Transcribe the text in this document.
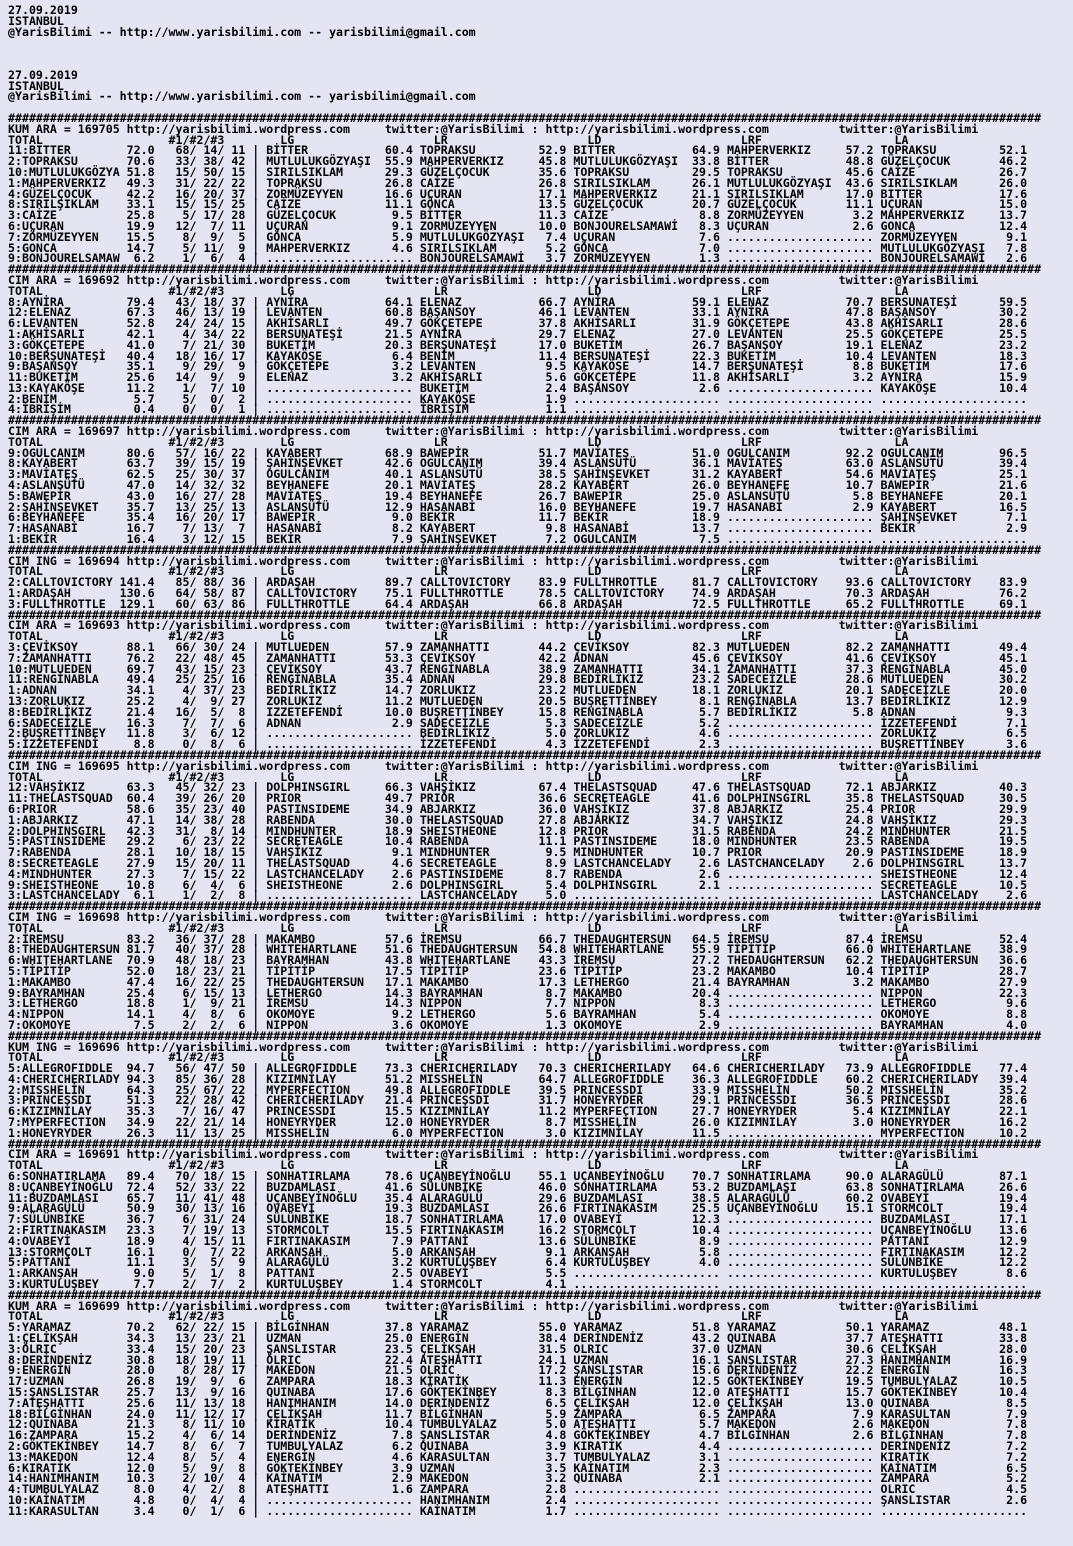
27.09.2019
ISTANBUL
@YarisBilimi -- http://www.yarisbilimi.com -- yarisbilimi@gmail.com
27.09.2019
ISTANBUL
@YarisBilimi -- http://www.yarisbilimi.com -- yarisbilimi@gmail.com
####################################################################################################################################################
KUM ARA = 169705 http://yarisbilimi.wordpress.com     twitter:@YarisBilimi : http://yarisbilimi.wordpress.com          twitter:@YarisBilimi
TOTAL                  #1/#2/#3        LG                    LR                    LD                    LRF                   LA
11:BITTER        72.0   68/ 14/ 11 | BİTTER           60.4 TOPRAKSU         52.9 BITTER           64.9 MAHPERVERKIZ     57.2 TOPRAKSU         52.1
2:TOPRAKSU       70.6   33/ 38/ 42 | MUTLULUKGÖZYAŞI  55.9 MAHPERVERKIZ     45.8 MUTLULUKGÖZYAŞI  33.8 BİTTER           48.8 GÜZELÇOCUK       46.2
10:MUTLULUKGÖZYA 51.8   15/ 50/ 15 | SIRILSIKLAM      29.3 GÜZELÇOCUK       35.6 TOPRAKSU         29.5 TOPRAKSU         45.6 CAİZE            26.7
1:MAHPERVERKIZ   49.3   31/ 22/ 22 | TOPRAKSU         26.8 CAİZE            26.8 SIRILSIKLAM      26.1 MUTLULUKGÖZYAŞI  43.6 SIRILSIKLAM      26.0
4:GÜZELÇOCUK     42.2   16/ 20/ 37 | ZORMÜZEYYEN      16.6 UÇURAN           17.1 MAHPERVERKIZ     21.1 SIRILSIKLAM      17.0 BITTER           17.6
8:SIRILŞIKLAM    33.1   15/ 15/ 25 | CAİZE            11.1 GÖNCA            13.5 GÜZELÇOCUK       20.7 GÜZELÇOCUK       11.1 UÇURAN           15.0
3:CAİZE          25.8    5/ 17/ 28 | GÜZELÇOCUK        9.5 BİTTER           11.3 CAİZE             8.8 ZORMÜZEYYEN       3.2 MAHPERVERKIZ     13.7
6:UÇURAN         19.9   12/  7/ 11 | UÇURAN            9.1 ZORMÜZEYYEN      10.0 BONJOURELSAMAWİ   8.3 UÇURAN            2.6 GONCA            12.4
7:ZÖRMÜZEYYEN    15.5    8/  9/  5 | GÖNCA             5.9 MUTLULUKGÖZYAŞI   7.4 UÇURAN            7.6 ..................... ZORMÜZEYYEN       9.1
5:GONCA          14.7    5/ 11/  9 | MAHPERVERKIZ      4.6 SIRILSIKLAM       5.2 GÖNCA             7.0 ..................... MUTLULUKGÖZYAŞI   7.8
9:BONJOURELSAMAW  6.2    1/  6/  4 | ..................... BONJOURELSAMAWİ   3.7 ZORMÜZEYYEN       1.3 ..................... BONJOURELSAMAWİ   2.6
####################################################################################################################################################
CIM ARA = 169692 http://yarisbilimi.wordpress.com     twitter:@YarisBilimi : http://yarisbilimi.wordpress.com          twitter:@YarisBilimi
TOTAL                  #1/#2/#3        LG                    LR                    LD                    LRF                   LA
8:AYNİRA         79.4   43/ 18/ 37 | AYNİRA           64.1 ELENAZ           66.7 AYNİRA           59.1 ELENAZ           70.7 BERSUNATEŞİ      59.5
12:ELENAZ        67.3   46/ 13/ 19 | LEVANTEN         60.8 BAŞANSOY         46.1 LEVANTEN         33.1 AYNİRA           47.8 BAŞANSOY         30.2
6:LEVANTEN       52.8   24/ 24/ 15 | AKHİSARLI        49.7 GÖKÇETEPE        37.8 AKHİSARLI        31.9 GÖKÇETEPE        43.8 AKHİSARLI        28.6
1:AKHİSARLI      42.1    4/ 34/ 22 | BERSUNATEŞİ      21.5 AYNİRA           29.7 ELENAZ           27.0 LEVANTEN         25.5 GÖKÇETEPE        25.5
3:GÖKÇETEPE      41.0    7/ 21/ 30 | BUKETİM          20.3 BERŞUNATEŞİ      17.0 BUKETİM          26.7 BAŞANSOY         19.1 ELENAZ           23.2
10:BERŞUNATEŞİ   40.4   18/ 16/ 17 | KAYAKÖŞE          6.4 BENİM            11.4 BERSUNATEŞİ      22.3 BUKETİM          10.4 LEVANTEN         18.3
9:BAŞANSOY       35.1    9/ 29/  9 | GÖKÇETEPE         3.2 LEVANTEN          9.5 KAYAKÖŞE         14.7 BERŞUNATEŞİ       8.8 BUKETİM          17.6
11:BUKETİM       25.6   14/  9/  9 | ELENAZ            3.2 AKHİSARLI         5.6 GÖKÇETEPE        11.8 AKHİSARLI         3.2 AYNİRA           15.9
13:KAYAKÖŞE      11.2    1/  7/ 10 | ..................... BUKETİM           2.4 BAŞANSOY          2.6 ..................... KAYAKÖŞE         10.4
2:BENİM           5.7    5/  0/  2 | ..................... KAYAKÖŞE          1.9 ..................... ..................... .....................
4:İBRİŞİM         0.4    0/  0/  1 | ..................... İBRİŞİM           1.1 ..................... ..................... .....................
####################################################################################################################################################
CIM ARA = 169697 http://yarisbilimi.wordpress.com     twitter:@YarisBilimi : http://yarisbilimi.wordpress.com          twitter:@YarisBilimi
TOTAL                  #1/#2/#3        LG                    LR                    LD                    LRF                   LA
9:OGULCANIM      80.6   57/ 16/ 22 | KAYABERT         68.9 BAWEPİR          51.7 MAVİATEŞ         51.0 OGULCANIM        92.2 OGULCANIM        96.5
8:KAYABERT       63.7   39/ 15/ 19 | ŞAHİNŞEVKET      42.6 OGULCANIM        39.4 ASLANSÜTÜ        36.1 MAVİATEŞ         63.0 ASLANSÜTÜ        39.4
3:MAVİATEŞ       62.5   25/ 30/ 37 | OGULCANIM        40.1 ASLANSÜTÜ        38.5 ŞAHİNŞEVKET      31.2 KAYABERT         54.6 MAVİATEŞ         25.1
4:ASLANSÜTÜ      47.0   14/ 32/ 32 | BEYHANEFE        20.1 MAVİATEŞ         28.2 KAYABERT         26.0 BEYHANEFE        10.7 BAWEPİR          21.6
5:BAWEPİR        43.0   16/ 27/ 28 | MAVİATEŞ         19.4 BEYHANEFE        26.7 BAWEPİR          25.0 ASLANSÜTÜ         5.8 BEYHANEFE        20.1
2:ŞAHİNŞEVKET    35.7   13/ 25/ 13 | ASLANSÜTÜ        12.9 HASANABİ         16.0 BEYHANEFE        19.7 HASANABİ          2.9 KAYABERT         16.5
6:BEYHANEFE      35.4   16/ 20/ 17 | BAWEPİR           9.0 BEKİR            11.7 BEKİR            18.9 ..................... ŞAHİNŞEVKET       7.1
7:HASANABİ       16.7    7/ 13/  7 | HASANABİ          8.2 KAYABERT          9.8 HASANABİ         13.7 ..................... BEKİR             2.9
1:BEKİR          16.4    3/ 12/ 15 | BEKİR             7.9 ŞAHİNŞEVKET       7.2 OGULCANIM         7.5 ..................... .....................
####################################################################################################################################################
CIM ING = 169694 http://yarisbilimi.wordpress.com     twitter:@YarisBilimi : http://yarisbilimi.wordpress.com          twitter:@YarisBilimi
TOTAL                  #1/#2/#3        LG                    LR                    LD                    LRF                   LA
2:CALLTOVICTORY 141.4   85/ 88/ 36 | ARDAŞAH          89.7 CALLTOVICTORY    83.9 FULLTHROTTLE     81.7 CALLTOVICTORY    93.6 CALLTOVICTORY    83.9
1:ARDAŞAH       130.6   64/ 58/ 87 | CALLTOVICTORY    75.1 FULLTHROTTLE     78.5 CALLTOVICTORY    74.9 ARDAŞAH          70.3 ARDAŞAH          76.2
3:FULLTHROTTLE  129.1   60/ 63/ 86 | FULLTHROTTLE     64.4 ARDAŞAH          66.8 ARDAŞAH          72.5 FULLTHROTTLE     65.2 FULLTHROTTLE     69.1
####################################################################################################################################################
CIM ARA = 169693 http://yarisbilimi.wordpress.com     twitter:@YarisBilimi : http://yarisbilimi.wordpress.com          twitter:@YarisBilimi
TOTAL                  #1/#2/#3        LG                    LR                    LD                    LRF                   LA
3:ÇEVİKSOY       88.1   66/ 30/ 24 | MUTLUEDEN        57.9 ZAMANHATTI       44.2 ÇEVİKSOY         82.3 MUTLUEDEN        82.2 ZAMANHATTI       49.4
7:ZAMANHATTI     76.2   22/ 48/ 45 | ZAMANHATTI       53.3 ÇEVİKSOY         42.2 ADNAN            45.6 ÇEVİKSOY         41.6 ÇEVİKSOY         45.1
10:MUTLUEDEN     69.7   43/ 15/ 23 | ÇEVİKSOY         43.7 RENGİNABLA       38.9 ZAMANHATTI       34.1 ZAMANHATTI       37.3 RENGİNABLA       45.0
11:RENGİNABLA    49.4   25/ 25/ 16 | RENGİNABLA       35.4 ADNAN            29.8 BEDİRLİKIZ       23.2 SADECEİZLE       28.6 MUTLUEDEN        30.2
1:ADNAN          34.1    4/ 37/ 23 | BEDİRLİKIZ       14.7 ZORLUKIZ         23.2 MUTLUEDEN        18.1 ZORLUKIZ         20.1 SADECEİZLE       20.0
13:ZORLUKIZ      25.2    4/  9/ 27 | ZORLUKIZ         11.2 MUTLUEDEN        20.5 BUŞRETTİNBEY      8.1 RENGİNABLA       13.7 BEDİRLİKIZ       12.9
8:BEDİRLİKIZ     21.4   16/  5/  8 | IZZETEFENDİ      10.0 BUŞRETTİNBEY     15.8 RENGİNABLA        5.7 BEDİRLİKIZ        5.8 ADNAN             9.3
6:SADECEİZLE     16.3    7/  7/  6 | ADNAN             2.9 SADECEİZLE        5.3 SADECEİZLE        5.2 ..................... İZZETEFENDİ       7.1
2:BUŞRETTİNBEY   11.8    3/  6/ 12 | ..................... BEDİRLİKIZ        5.0 ZORLUKIZ          4.6 ..................... ZORLUKIZ          6.5
5:İZZETEFENDİ     8.8    0/  8/  6 | ..................... İZZETEFENDİ       4.3 İZZETEFENDİ       2.3 ..................... BUŞRETTİNBEY      3.6
####################################################################################################################################################
CIM ING = 169695 http://yarisbilimi.wordpress.com     twitter:@YarisBilimi : http://yarisbilimi.wordpress.com          twitter:@YarisBilimi
TOTAL                  #1/#2/#3        LG                    LR                    LD                    LRF                   LA
12:VAHŞİKIZ      63.3   45/ 32/ 23 | DOLPHINSGIRL     66.3 VAHŞİKIZ         67.4 THELASTSQUAD     47.6 THELASTSQUAD     72.1 ABJARKIZ         40.3
11:THELASTSQUAD  60.4   39/ 26/ 20 | PRIOR            49.7 PRIÖR            36.6 SECRETEAGLE      41.6 DOLPHINSGIRL     35.8 THELASTSQUAD     30.5
6:PRIOR          58.6   35/ 23/ 40 | PASTINSIDEME     34.9 ABJARKIZ         36.0 VAHŞİKIZ         37.8 ABJARKIZ         25.4 PRIOR            29.9
1:ABJARKIZ       47.1   14/ 38/ 28 | RABENDA          30.0 THELASTSQUAD     27.8 ABJARKIZ         34.7 VAHŞİKIZ         24.8 VAHŞİKIZ         29.3
2:DOLPHINSGIRL   42.3   31/  8/ 14 | MINDHUNTER       18.9 SHEISTHEONE      12.8 PRIOR            31.5 RABENDA          24.2 MINDHUNTER       21.5
5:PASTINSIDEME   29.2    6/ 23/ 22 | SECRETEAGLE      10.4 RABENDA          11.1 PASTINSIDEME     18.0 MINDHUNTER       23.5 RABENDA          19.5
7:RABENDA        28.1   10/ 18/ 15 | VAHŞİKIZ          9.1 MINDHUNTER        9.5 MINDHUNTER       10.7 PRIOR            20.9 PASTINSIDEME     18.9
8:SECRETEAGLE    27.9   15/ 20/ 11 | THELASTSQUAD      4.6 SECRETEAGLE       8.9 LASTCHANCELADY    2.6 LASTCHANCELADY    2.6 DOLPHINSGIRL     13.7
4:MINDHUNTER     27.3    7/ 15/ 22 | LASTCHANCELADY    2.6 PASTINSIDEME      8.7 RABENDA           2.6 ..................... SHEISTHEONE      12.4
9:SHEISTHEONE    10.8    6/  4/  6 | SHEISTHEONE       2.6 DOLPHINSGIRL      5.4 DOLPHINSGIRL      2.1 ..................... SECRETEAGLE      10.5
3:LASTCHANCELADY  6.1    1/  2/  8 | ..................... LASTCHANCELADY    5.0 ..................... ..................... LASTCHANCELADY    2.6
####################################################################################################################################################
CIM ING = 169698 http://yarisbilimi.wordpress.com     twitter:@YarisBilimi : http://yarisbilimi.wordpress.com          twitter:@YarisBilimi
TOTAL                  #1/#2/#3        LG                    LR                    LD                    LRF                   LA
2:İREMSU         83.2   36/ 37/ 28 | MAKAMBO          57.6 İREMSU           66.7 THEDAUGHTERSUN   64.5 İREMSU           87.4 İREMSU           52.4
8:THEDAUGHTERSUN 81.7   40/ 37/ 28 | WHITEHARTLANE    51.6 THEDAUGHTERSUN   54.8 WHITEHARTLANE    55.9 TİPİTİP          66.0 WHITEHARTLANE    38.9
6:WHITEHARTLANE  70.9   48/ 18/ 23 | BAYRAMHAN        43.8 WHITEHARTLANE    43.3 İREMSU           27.2 THEDAUGHTERSUN   62.2 THEDAUGHTERSUN   36.6
5:TİPİTİP        52.0   18/ 23/ 21 | TİPİTİP          17.5 TİPİTİP          23.6 TİPİTİP          23.2 MAKAMBO          10.4 TİPİTİP          28.7
1:MAKAMBO        47.4   16/ 22/ 25 | THEDAUGHTERSUN   17.1 MAKAMBO          17.3 LETHERGO         21.4 BAYRAMHAN         3.2 MAKAMBO          27.9
9:BAYRAMHAN      25.4    6/ 15/ 13 | LETHERGO         14.3 BAYRAMHAN         8.7 MAKAMBO          20.4 ..................... NIPPON           22.3
3:LETHERGO       18.8    1/  9/ 21 | İREMSU           14.3 NIPPON            7.7 NIPPON            8.3 ..................... LETHERGO          9.6
4:NIPPON         14.1    4/  8/  6 | OKOMOYE           9.2 LETHERGO          5.6 BAYRAMHAN         5.4 ..................... OKOMOYE           8.8
7:OKOMOYE         7.5    2/  2/  6 | NIPPON            3.6 OKOMOYE           1.3 OKOMOYE           2.9 ..................... BAYRAMHAN         4.0
####################################################################################################################################################
KUM ING = 169696 http://yarisbilimi.wordpress.com     twitter:@YarisBilimi : http://yarisbilimi.wordpress.com          twitter:@YarisBilimi
TOTAL                  #1/#2/#3        LG                    LR                    LD                    LRF                   LA
5:ALLEGROFIDDLE  94.7   56/ 47/ 50 | ALLEGROFIDDLE    73.3 CHERICHERILADY   70.3 CHERICHERILADY   64.6 CHERICHERILADY   73.9 ALLEGROFIDDLE    77.4
4:CHERICHERILADY 94.3   85/ 36/ 28 | KIZIMNİLAY       51.2 MISSHELİN        64.7 ALLEGROFIDDLE    36.3 ALLEGROFIDDLE    60.2 CHERICHERILADY   39.4
2:MISSHELİN      64.3   25/ 67/ 22 | MYPERFECTION     49.8 ALLEGROFIDDLE    39.5 PRINCESSDI       33.9 MISSHELİN        50.2 MISSHELİN        35.2
3:PRINCESSDI     51.3   22/ 28/ 42 | CHERICHERILADY   21.4 PRINCESSDI       31.7 HONEYRYDER       29.1 PRINCESSDI       36.5 PRINCESSDI       28.6
6:KIZIMNİLAY     35.3    7/ 16/ 47 | PRINCESSDI       15.5 KIZIMNİLAY       11.2 MYPERFECTION     27.7 HONEYRYDER        5.4 KIZIMNİLAY       22.1
7:MYPERFECTION   34.9   22/ 21/ 14 | HONEYRYDER       12.0 HONEYRYDER        8.7 MISSHELİN        26.0 KIZIMNILAY        3.0 HONEYRYDER       16.2
1:HONEYRYDER     26.3   11/ 13/ 25 | MISSHELİN         6.0 MYPERFECTION      3.0 KIZIMNİLAY       11.5 ..................... MYPERFECTION     10.2
####################################################################################################################################################
CIM ARA = 169691 http://yarisbilimi.wordpress.com     twitter:@YarisBilimi : http://yarisbilimi.wordpress.com          twitter:@YarisBilimi
TOTAL                  #1/#2/#3        LG                    LR                    LD                    LRF                   LA
6:SONHATIRLAMA   89.4   70/ 18/ 15 | SONHATIRLAMA     78.6 UÇANBEYİNOĞLU    55.1 UÇANBEYİNOĞLU    70.7 SONHATIRLAMA     90.0 ALARAGÜLÜ        87.1
8:UÇANBEYİNOĞLU  72.4   52/ 33/ 22 | BUZDAMLASI       41.6 SÜLÜNBİKE        46.0 SONHATIRLAMA     53.2 BUZDAMLAŞI       63.8 SONHATIRLAMA     26.6
11:BUZDAMLASI    65.7   11/ 41/ 48 | UÇANBEYİNOĞLU    35.4 ALARAGÜLÜ        29.6 BUZDAMLASI       38.5 ALARAGÜLÜ        60.2 OVABEYİ          19.4
9:ALARAGÜLÜ      50.9   30/ 13/ 16 | OVABEYİ          19.3 BUZDAMLASI       26.6 FIRTINAKASIM     25.5 UÇANBEYİNOĞLU    15.1 STORMCOLT        19.4
7:SÜLÜNBİKE      36.7    6/ 31/ 24 | SÜLÜNBİKE        18.7 SONHATIRLAMA     17.0 OVABEYİ          12.3 ..................... BUZDAMLASI       17.1
2:FIRTINAKASIM   23.3    7/ 19/ 13 | STORMCOLT        15.5 FIRTINAKASIM     16.2 STORMCOLT        10.4 ..................... UÇANBEYİNOĞLU    13.6
4:OVABEYİ        18.9    4/ 15/ 11 | FIRTINAKASIM      7.9 PATTANİ          13.6 SÜLÜNBİKE         8.9 ..................... PATTANİ          12.9
13:STORMÇOLT     16.1    0/  7/ 22 | ARKANŞAH          5.0 ARKANŞAH          9.1 ARKANŞAH          5.8 ..................... FIRTINAKASIM     12.2
5:PATTANİ        11.1    3/  5/  9 | ALARAGÜLÜ         3.2 KURTULUŞBEY       6.4 KURTULUŞBEY       4.0 ..................... SÜLÜNBİKE        12.2
1:ARKANŞAH        9.0    5/  1/  8 | PATTANİ           2.5 OVABEYİ           5.5 ..................... ..................... KURTULUŞBEY       8.6
3:KURTULUŞBEY     7.7    2/  7/  2 | KURTULUŞBEY       1.4 STORMCOLT         4.1 ..................... ..................... .....................
####################################################################################################################################################
KUM ARA = 169699 http://yarisbilimi.wordpress.com     twitter:@YarisBilimi : http://yarisbilimi.wordpress.com          twitter:@YarisBilimi
TOTAL                  #1/#2/#3        LG                    LR                    LD                    LRF                   LA
5:YARAMAZ        70.2   62/ 22/ 15 | BİLGİNHAN        37.8 YARAMAZ          55.0 YARAMAZ          51.8 YARAMAZ          50.1 YARAMAZ          48.1
1:ÇELİKŞAH       34.3   13/ 23/ 21 | UZMAN            25.0 ENERGİN          38.4 DERİNDENİZ       43.2 QUINABA          37.7 ATEŞHATTI        33.8
3:ÖLRIC          33.4   15/ 20/ 23 | ŞANSLISTAR       23.5 ÇELİKŞAH         31.5 OLRIC            37.0 UZMAN            30.6 ÇELİKŞAH         28.0
8:DERİNDENİZ     30.8   18/ 19/ 11 | ÖLRIC            22.4 ATEŞHATTI        24.1 UZMAN            16.1 ŞANSLISTAR       27.3 HANIMHANIM       16.9
9:ENERGİN        28.0    8/ 28/ 17 | MAKEDON          21.5 OLRİC            17.2 ŞANSLISTAR       15.6 DERİNDENİZ       22.2 ENERGİN          16.3
17:UZMAN         26.8   19/  9/  6 | ZAMPARA          18.3 KİRATİK          11.3 ENERGİN          12.5 GÖKTEKİNBEY      19.5 TUMBULYALAZ      10.5
15:ŞANSLISTAR    25.7   13/  9/ 16 | QUINABA          17.6 GÖKTEKİNBEY       8.3 BİLGİNHAN        12.0 ATEŞHATTI        15.7 GÖKTEKİNBEY      10.4
7:ATEŞHATTI      25.6   11/ 13/ 18 | HANIMHANIM       14.0 DERİNDENİZ        6.5 ÇELİKŞAH         12.0 ÇELİKŞAH         13.0 QUINABA           8.5
18:BİLGİNHAN     24.0   11/ 12/ 17 | ÇELİKŞAH         11.7 BİLGİNHAN         5.9 ZAMPARA           6.5 ZAMPARA           7.9 KARASULTAN        7.9
12:QUINABA       21.3    8/ 11/ 10 | KİRATİK          10.4 TUMBULYALAZ       5.0 ATEŞHATTI         5.7 MAKEDON           2.6 MAKEDON           7.8
16:ZAMPARA       15.2    4/  6/ 14 | DERİNDENİZ        7.8 ŞANSLISTAR        4.8 GÖKTEKİNBEY       4.7 BİLGİNHAN         2.6 BİLGİNHAN         7.8
2:GÖKTEKİNBEY    14.7    8/  6/  7 | TUMBULYALAZ       6.2 QUINABA           3.9 KIRATİK           4.4 ..................... DERİNDENİZ        7.2
13:MAKEDON       12.4    8/  5/  4 | ENERGİN           4.6 KARASULTAN        3.7 TUMBULYALAZ       3.1 ..................... KIRATİK           7.2
6:KIRATİK        12.0    5/  9/  8 | GÖKTEKİNBEY       3.9 UZMAN             3.5 KAİNATIM          2.3 ..................... KAİNATIM          6.5
14:HANIMHANIM    10.3    2/ 10/  4 | KAİNATIM          2.9 MAKEDON           3.2 QUINABA           2.1 ..................... ZAMPARA           5.2
4:TUMBULYALAZ     8.0    4/  2/  8 | ATEŞHATTI         1.6 ZAMPARA           2.8 ..................... ..................... OLRIC             4.5
10:KAİNATIM       4.8    0/  4/  4 | ..................... HANIMHANIM        2.4 ..................... ..................... ŞANSLISTAR        2.6
11:KARASULTAN     3.4    0/  1/  6 | ..................... KAİNATIM          1.7 ..................... ..................... .....................
